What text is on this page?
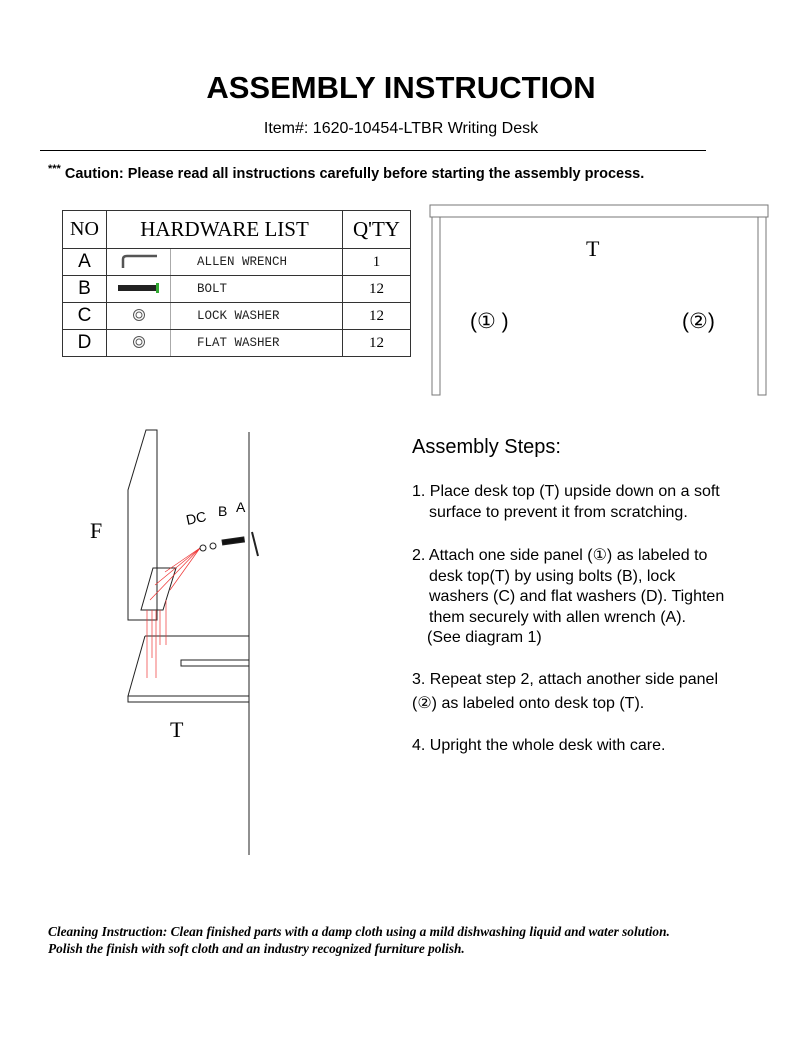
ASSEMBLY INSTRUCTION
Item#: 1620-10454-LTBR Writing Desk
*** Caution: Please read all instructions carefully before starting the assembly process.
NO	HARDWARE LIST		Q'TY
A		ALLEN WRENCH	1
B		BOLT	12
C		LOCK WASHER	12
D		FLAT WASHER	12
T
(① )	(②)
F
T
DC B A
Assembly Steps:
1. Place desk top (T) upside down on a soft
surface to prevent it from scratching.
2. Attach one side panel (①) as labeled to
desk top(T) by using bolts (B), lock
washers (C) and flat washers (D). Tighten
them securely with allen wrench (A).
(See diagram 1)
3. Repeat step 2, attach another side panel
(②) as labeled onto desk top (T).
4. Upright the whole desk with care.
Cleaning Instruction: Clean finished parts with a damp cloth using a mild dishwashing liquid and water solution.
Polish the finish with soft cloth and an industry recognized furniture polish.
